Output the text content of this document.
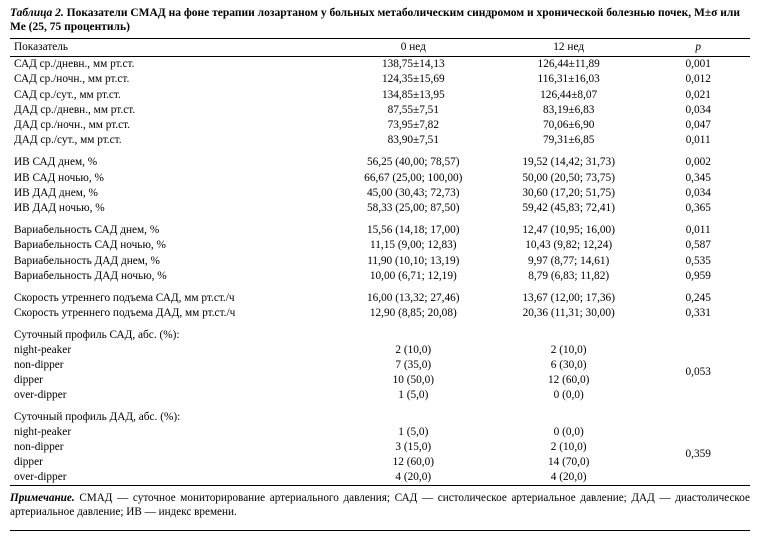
Таблица 2. Показатели СМАД на фоне терапии лозартаном у больных метаболическим синдромом и хронической болезнью почек, М±σ или Ме (25, 75 процентиль)

Показатель	0 нед	12 нед	p
САД ср./дневн., мм рт.ст.	138,75±14,13	126,44±11,89	0,001
САД ср./ночн., мм рт.ст.	124,35±15,69	116,31±16,03	0,012
САД ср./сут., мм рт.ст.	134,85±13,95	126,44±8,07	0,021
ДАД ср./дневн., мм рт.ст.	87,55±7,51	83,19±6,83	0,034
ДАД ср./ночн., мм рт.ст.	73,95±7,82	70,06±6,90	0,047
ДАД ср./сут., мм рт.ст.	83,90±7,51	79,31±6,85	0,011

ИВ САД днем, %	56,25 (40,00; 78,57)	19,52 (14,42; 31,73)	0,002
ИВ САД ночью, %	66,67 (25,00; 100,00)	50,00 (20,50; 73,75)	0,345
ИВ ДАД днем, %	45,00 (30,43; 72,73)	30,60 (17,20; 51,75)	0,034
ИВ ДАД ночью, %	58,33 (25,00; 87,50)	59,42 (45,83; 72,41)	0,365

Вариабельность САД днем, %	15,56 (14,18; 17,00)	12,47 (10,95; 16,00)	0,011
Вариабельность САД ночью, %	11,15 (9,00; 12,83)	10,43 (9,82; 12,24)	0,587
Вариабельность ДАД днем, %	11,90 (10,10; 13,19)	9,97 (8,77; 14,61)	0,535
Вариабельность ДАД ночью, %	10,00 (6,71; 12,19)	8,79 (6,83; 11,82)	0,959

Скорость утреннего подъема САД, мм рт.ст./ч	16,00 (13,32; 27,46)	13,67 (12,00; 17,36)	0,245
Скорость утреннего подъема ДАД, мм рт.ст./ч	12,90 (8,85; 20,08)	20,36 (11,31; 30,00)	0,331

Суточный профиль САД, абс. (%):			
night-peaker	2 (10,0)	2 (10,0)	0,053
non-dipper	7 (35,0)	6 (30,0)	
dipper	10 (50,0)	12 (60,0)	
over-dipper	1 (5,0)	0 (0,0)	

Суточный профиль ДАД, абс. (%):			
night-peaker	1 (5,0)	0 (0,0)	0,359
non-dipper	3 (15,0)	2 (10,0)	
dipper	12 (60,0)	14 (70,0)	
over-dipper	4 (20,0)	4 (20,0)	

Примечание. СМАД — суточное мониторирование артериального давления; САД — систолическое артериальное давление; ДАД — диастолическое артериальное давление; ИВ — индекс времени.
